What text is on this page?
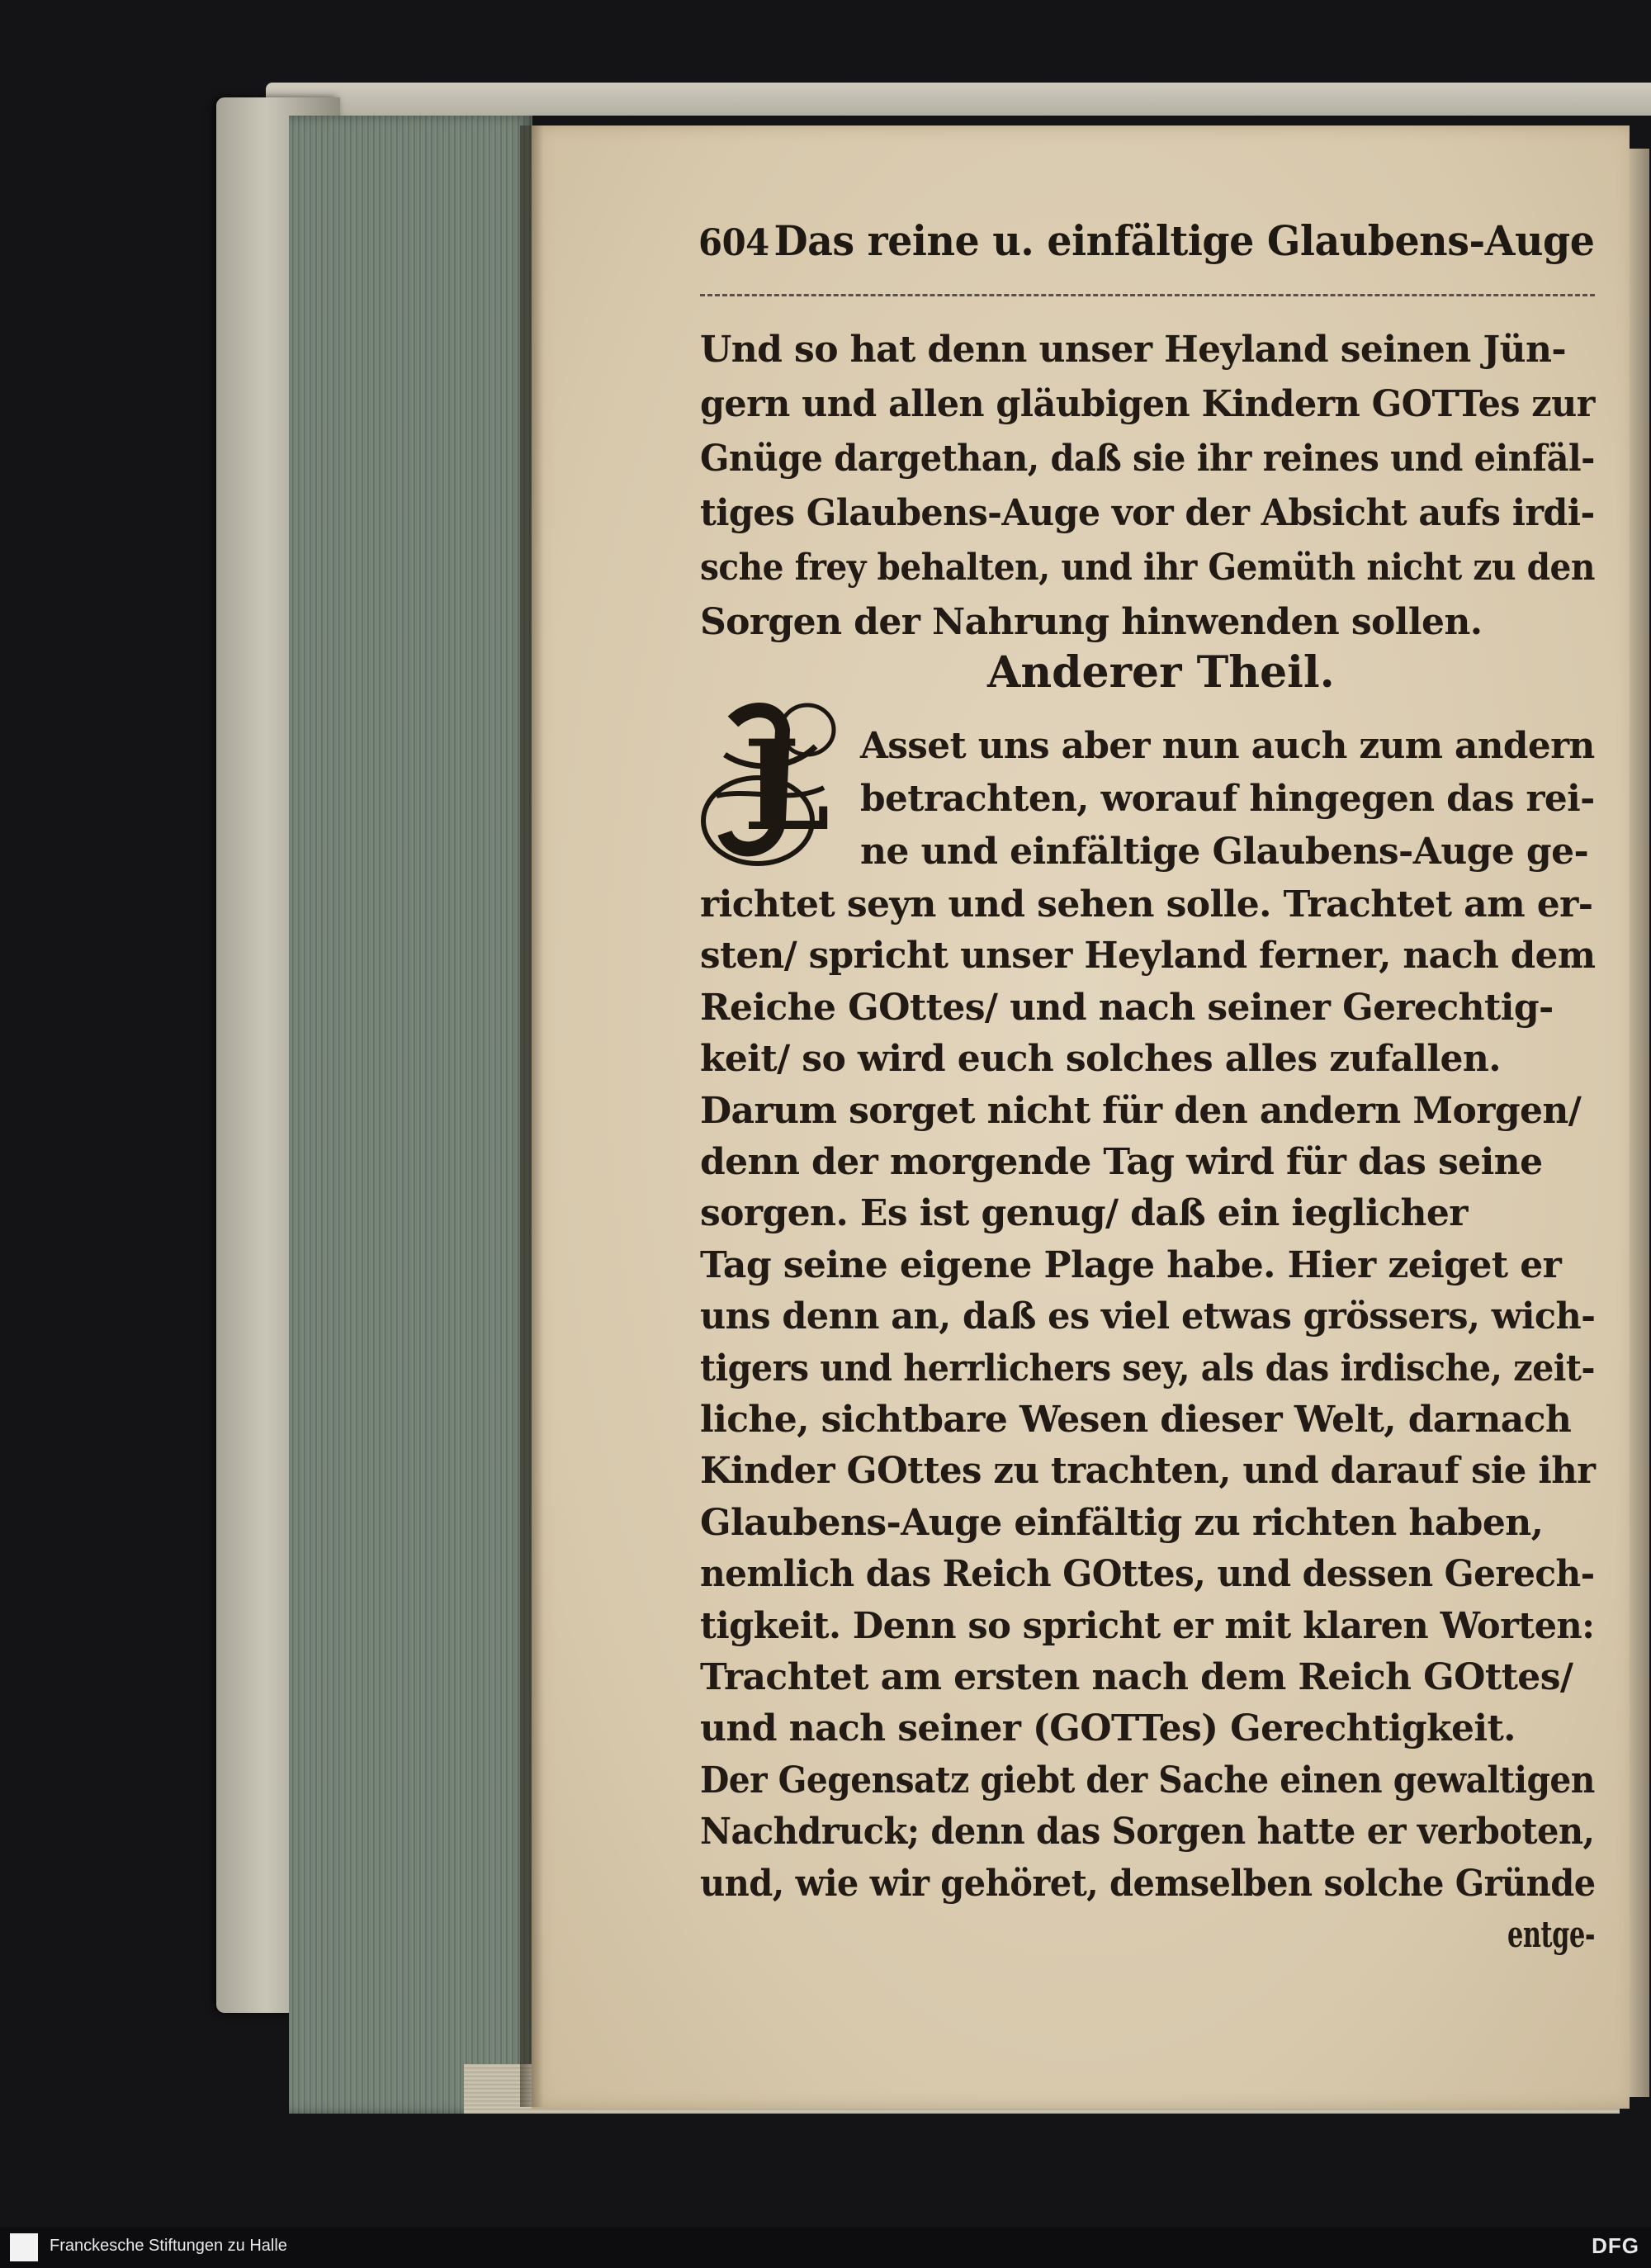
604 Das reine u. einfältige Glaubens-Auge
Und so hat denn unser Heyland seinen Jün-
gern und allen gläubigen Kindern GOTTes zur
Gnüge dargethan, daß sie ihr reines und einfäl-
tiges Glaubens-Auge vor der Absicht aufs irdi-
sche frey behalten, und ihr Gemüth nicht zu den
Sorgen der Nahrung hinwenden sollen.
Anderer Theil.
L Asset uns aber nun auch zum andern
betrachten, worauf hingegen das rei-
ne und einfältige Glaubens-Auge ge-
richtet seyn und sehen solle. Trachtet am er-
sten/ spricht unser Heyland ferner, nach dem
Reiche GOttes/ und nach seiner Gerechtig-
keit/ so wird euch solches alles zufallen.
Darum sorget nicht für den andern Morgen/
denn der morgende Tag wird für das seine
sorgen. Es ist genug/ daß ein ieglicher
Tag seine eigene Plage habe. Hier zeiget er
uns denn an, daß es viel etwas grössers, wich-
tigers und herrlichers sey, als das irdische, zeit-
liche, sichtbare Wesen dieser Welt, darnach
Kinder GOttes zu trachten, und darauf sie ihr
Glaubens-Auge einfältig zu richten haben,
nemlich das Reich GOttes, und dessen Gerech-
tigkeit. Denn so spricht er mit klaren Worten:
Trachtet am ersten nach dem Reich GOttes/
und nach seiner (GOTTes) Gerechtigkeit.
Der Gegensatz giebt der Sache einen gewaltigen
Nachdruck; denn das Sorgen hatte er verboten,
und, wie wir gehöret, demselben solche Gründe
entge-
Franckesche Stiftungen zu Halle	DFG
